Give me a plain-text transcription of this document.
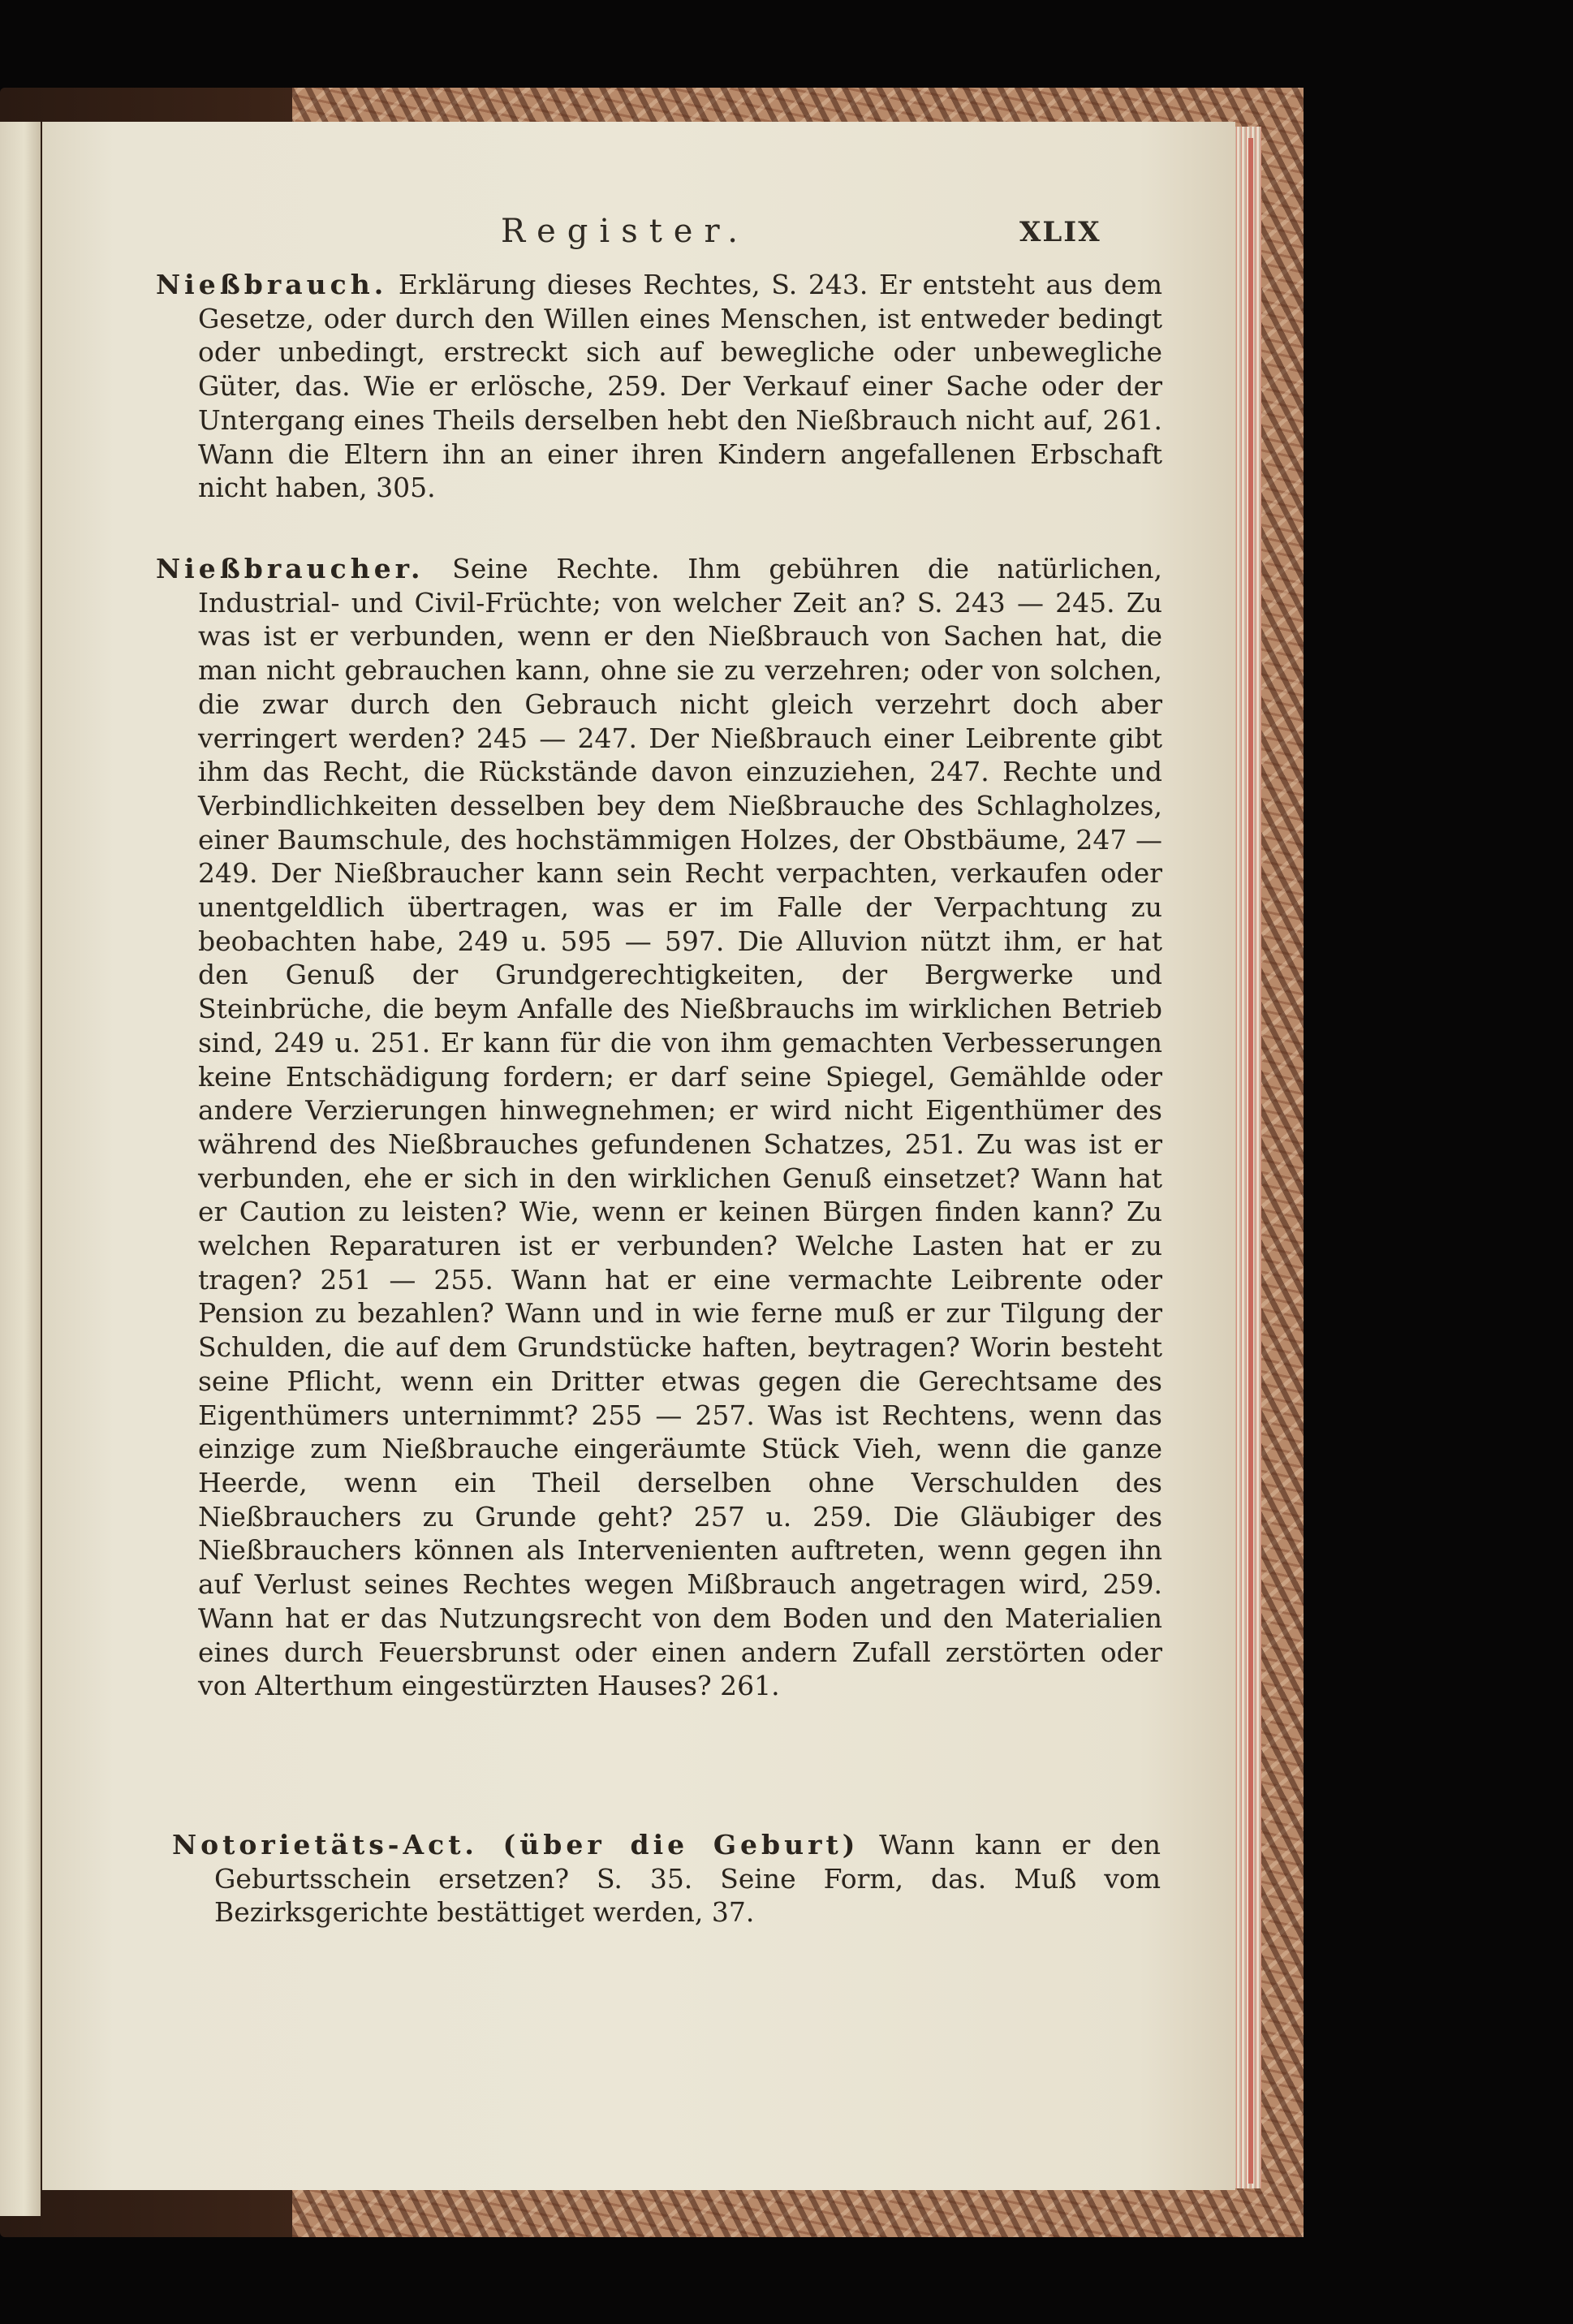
Register.	XLIX

Nießbrauch. Erklärung dieses Rechtes, S. 243. Er entsteht aus dem Gesetze, oder durch den Willen eines Menschen, ist entweder bedingt oder unbedingt, erstreckt sich auf bewegliche oder unbewegliche Güter, das. Wie er erlösche, 259. Der Verkauf einer Sache oder der Untergang eines Theils derselben hebt den Nießbrauch nicht auf, 261. Wann die Eltern ihn an einer ihren Kindern angefallenen Erbschaft nicht haben, 305.

Nießbraucher. Seine Rechte. Ihm gebühren die natürlichen, Industrial- und Civil-Früchte; von welcher Zeit an? S. 243 — 245. Zu was ist er verbunden, wenn er den Nießbrauch von Sachen hat, die man nicht gebrauchen kann, ohne sie zu verzehren; oder von solchen, die zwar durch den Gebrauch nicht gleich verzehrt doch aber verringert werden? 245 — 247. Der Nießbrauch einer Leibrente gibt ihm das Recht, die Rückstände davon einzuziehen, 247. Rechte und Verbindlichkeiten desselben bey dem Nießbrauche des Schlagholzes, einer Baumschule, des hochstämmigen Holzes, der Obstbäume, 247 — 249. Der Nießbraucher kann sein Recht verpachten, verkaufen oder unentgeldlich übertragen, was er im Falle der Verpachtung zu beobachten habe, 249 u. 595 — 597. Die Alluvion nützt ihm, er hat den Genuß der Grundgerechtigkeiten, der Bergwerke und Steinbrüche, die beym Anfalle des Nießbrauchs im wirklichen Betrieb sind, 249 u. 251. Er kann für die von ihm gemachten Verbesserungen keine Entschädigung fordern; er darf seine Spiegel, Gemählde oder andere Verzierungen hinwegnehmen; er wird nicht Eigenthümer des während des Nießbrauches gefundenen Schatzes, 251. Zu was ist er verbunden, ehe er sich in den wirklichen Genuß einsetzet? Wann hat er Caution zu leisten? Wie, wenn er keinen Bürgen finden kann? Zu welchen Reparaturen ist er verbunden? Welche Lasten hat er zu tragen? 251 — 255. Wann hat er eine vermachte Leibrente oder Pension zu bezahlen? Wann und in wie ferne muß er zur Tilgung der Schulden, die auf dem Grundstücke haften, beytragen? Worin besteht seine Pflicht, wenn ein Dritter etwas gegen die Gerechtsame des Eigenthümers unternimmt? 255 — 257. Was ist Rechtens, wenn das einzige zum Nießbrauche eingeräumte Stück Vieh, wenn die ganze Heerde, wenn ein Theil derselben ohne Verschulden des Nießbrauchers zu Grunde geht? 257 u. 259. Die Gläubiger des Nießbrauchers können als Intervenienten auftreten, wenn gegen ihn auf Verlust seines Rechtes wegen Mißbrauch angetragen wird, 259. Wann hat er das Nutzungsrecht von dem Boden und den Materialien eines durch Feuersbrunst oder einen andern Zufall zerstörten oder von Alterthum eingestürzten Hauses? 261.

Notorietäts-Act. (über die Geburt) Wann kann er den Geburtsschein ersetzen? S. 35. Seine Form, das. Muß vom Bezirksgerichte bestättiget werden, 37.
